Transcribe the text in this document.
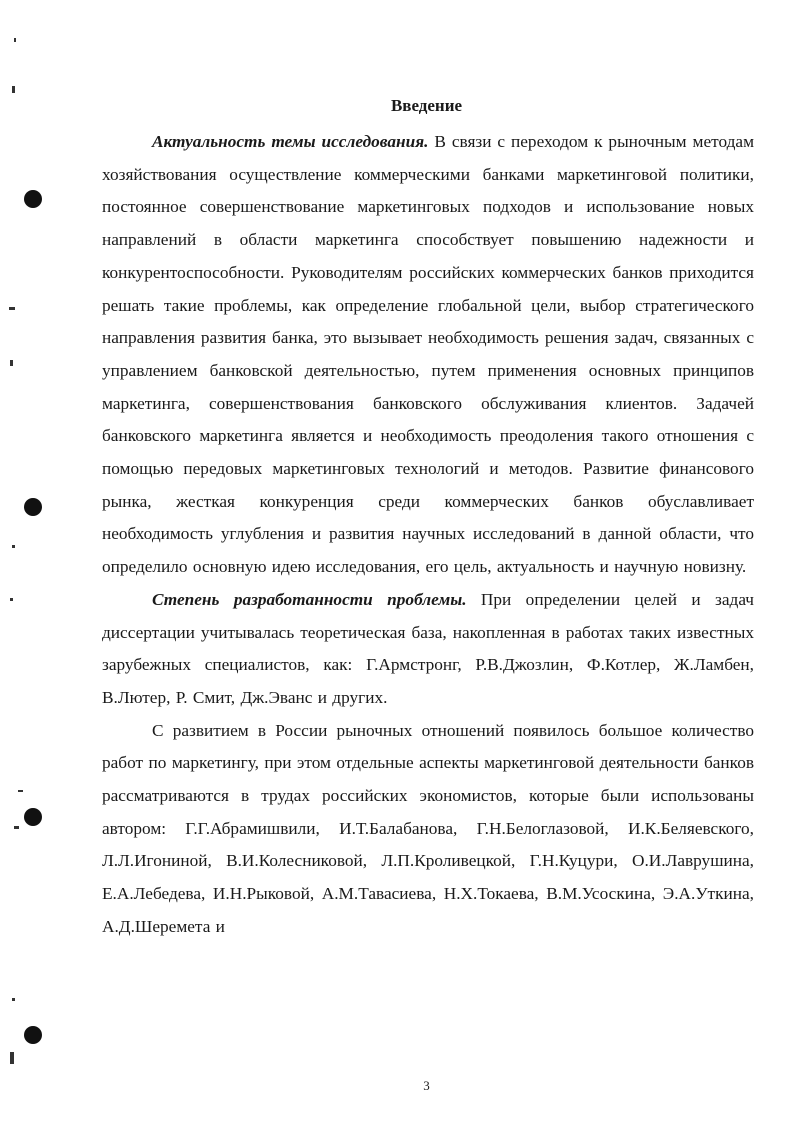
Введение

Актуальность темы исследования. В связи с переходом к рыночным методам хозяйствования осуществление коммерческими банками маркетинговой политики, постоянное совершенствование маркетинговых подходов и использование новых направлений в области маркетинга способствует повышению надежности и конкурентоспособности. Руководителям российских коммерческих банков приходится решать такие проблемы, как определение глобальной цели, выбор стратегического направления развития банка, это вызывает необходимость решения задач, связанных с управлением банковской деятельностью, путем применения основных принципов маркетинга, совершенствования банковского обслуживания клиентов. Задачей банковского маркетинга является и необходимость преодоления такого отношения с помощью передовых маркетинговых технологий и методов. Развитие финансового рынка, жесткая конкуренция среди коммерческих банков обуславливает необходимость углубления и развития научных исследований в данной области, что определило основную идею исследования, его цель, актуальность и научную новизну.

Степень разработанности проблемы. При определении целей и задач диссертации учитывалась теоретическая база, накопленная в работах таких известных зарубежных специалистов, как: Г.Армстронг, Р.В.Джозлин, Ф.Котлер, Ж.Ламбен, В.Лютер, Р. Смит, Дж.Эванс и других.

С развитием в России рыночных отношений появилось большое количество работ по маркетингу, при этом отдельные аспекты маркетинговой деятельности банков рассматриваются в трудах российских экономистов, которые были использованы автором: Г.Г.Абрамишвили, И.Т.Балабанова, Г.Н.Белоглазовой, И.К.Беляевского, Л.Л.Игониной, В.И.Колесниковой, Л.П.Кроливецкой, Г.Н.Куцури, О.И.Лаврушина, Е.А.Лебедева, И.Н.Рыковой, А.М.Тавасиева, Н.Х.Токаева, В.М.Усоскина, Э.А.Уткина, А.Д.Шеремета и

3
